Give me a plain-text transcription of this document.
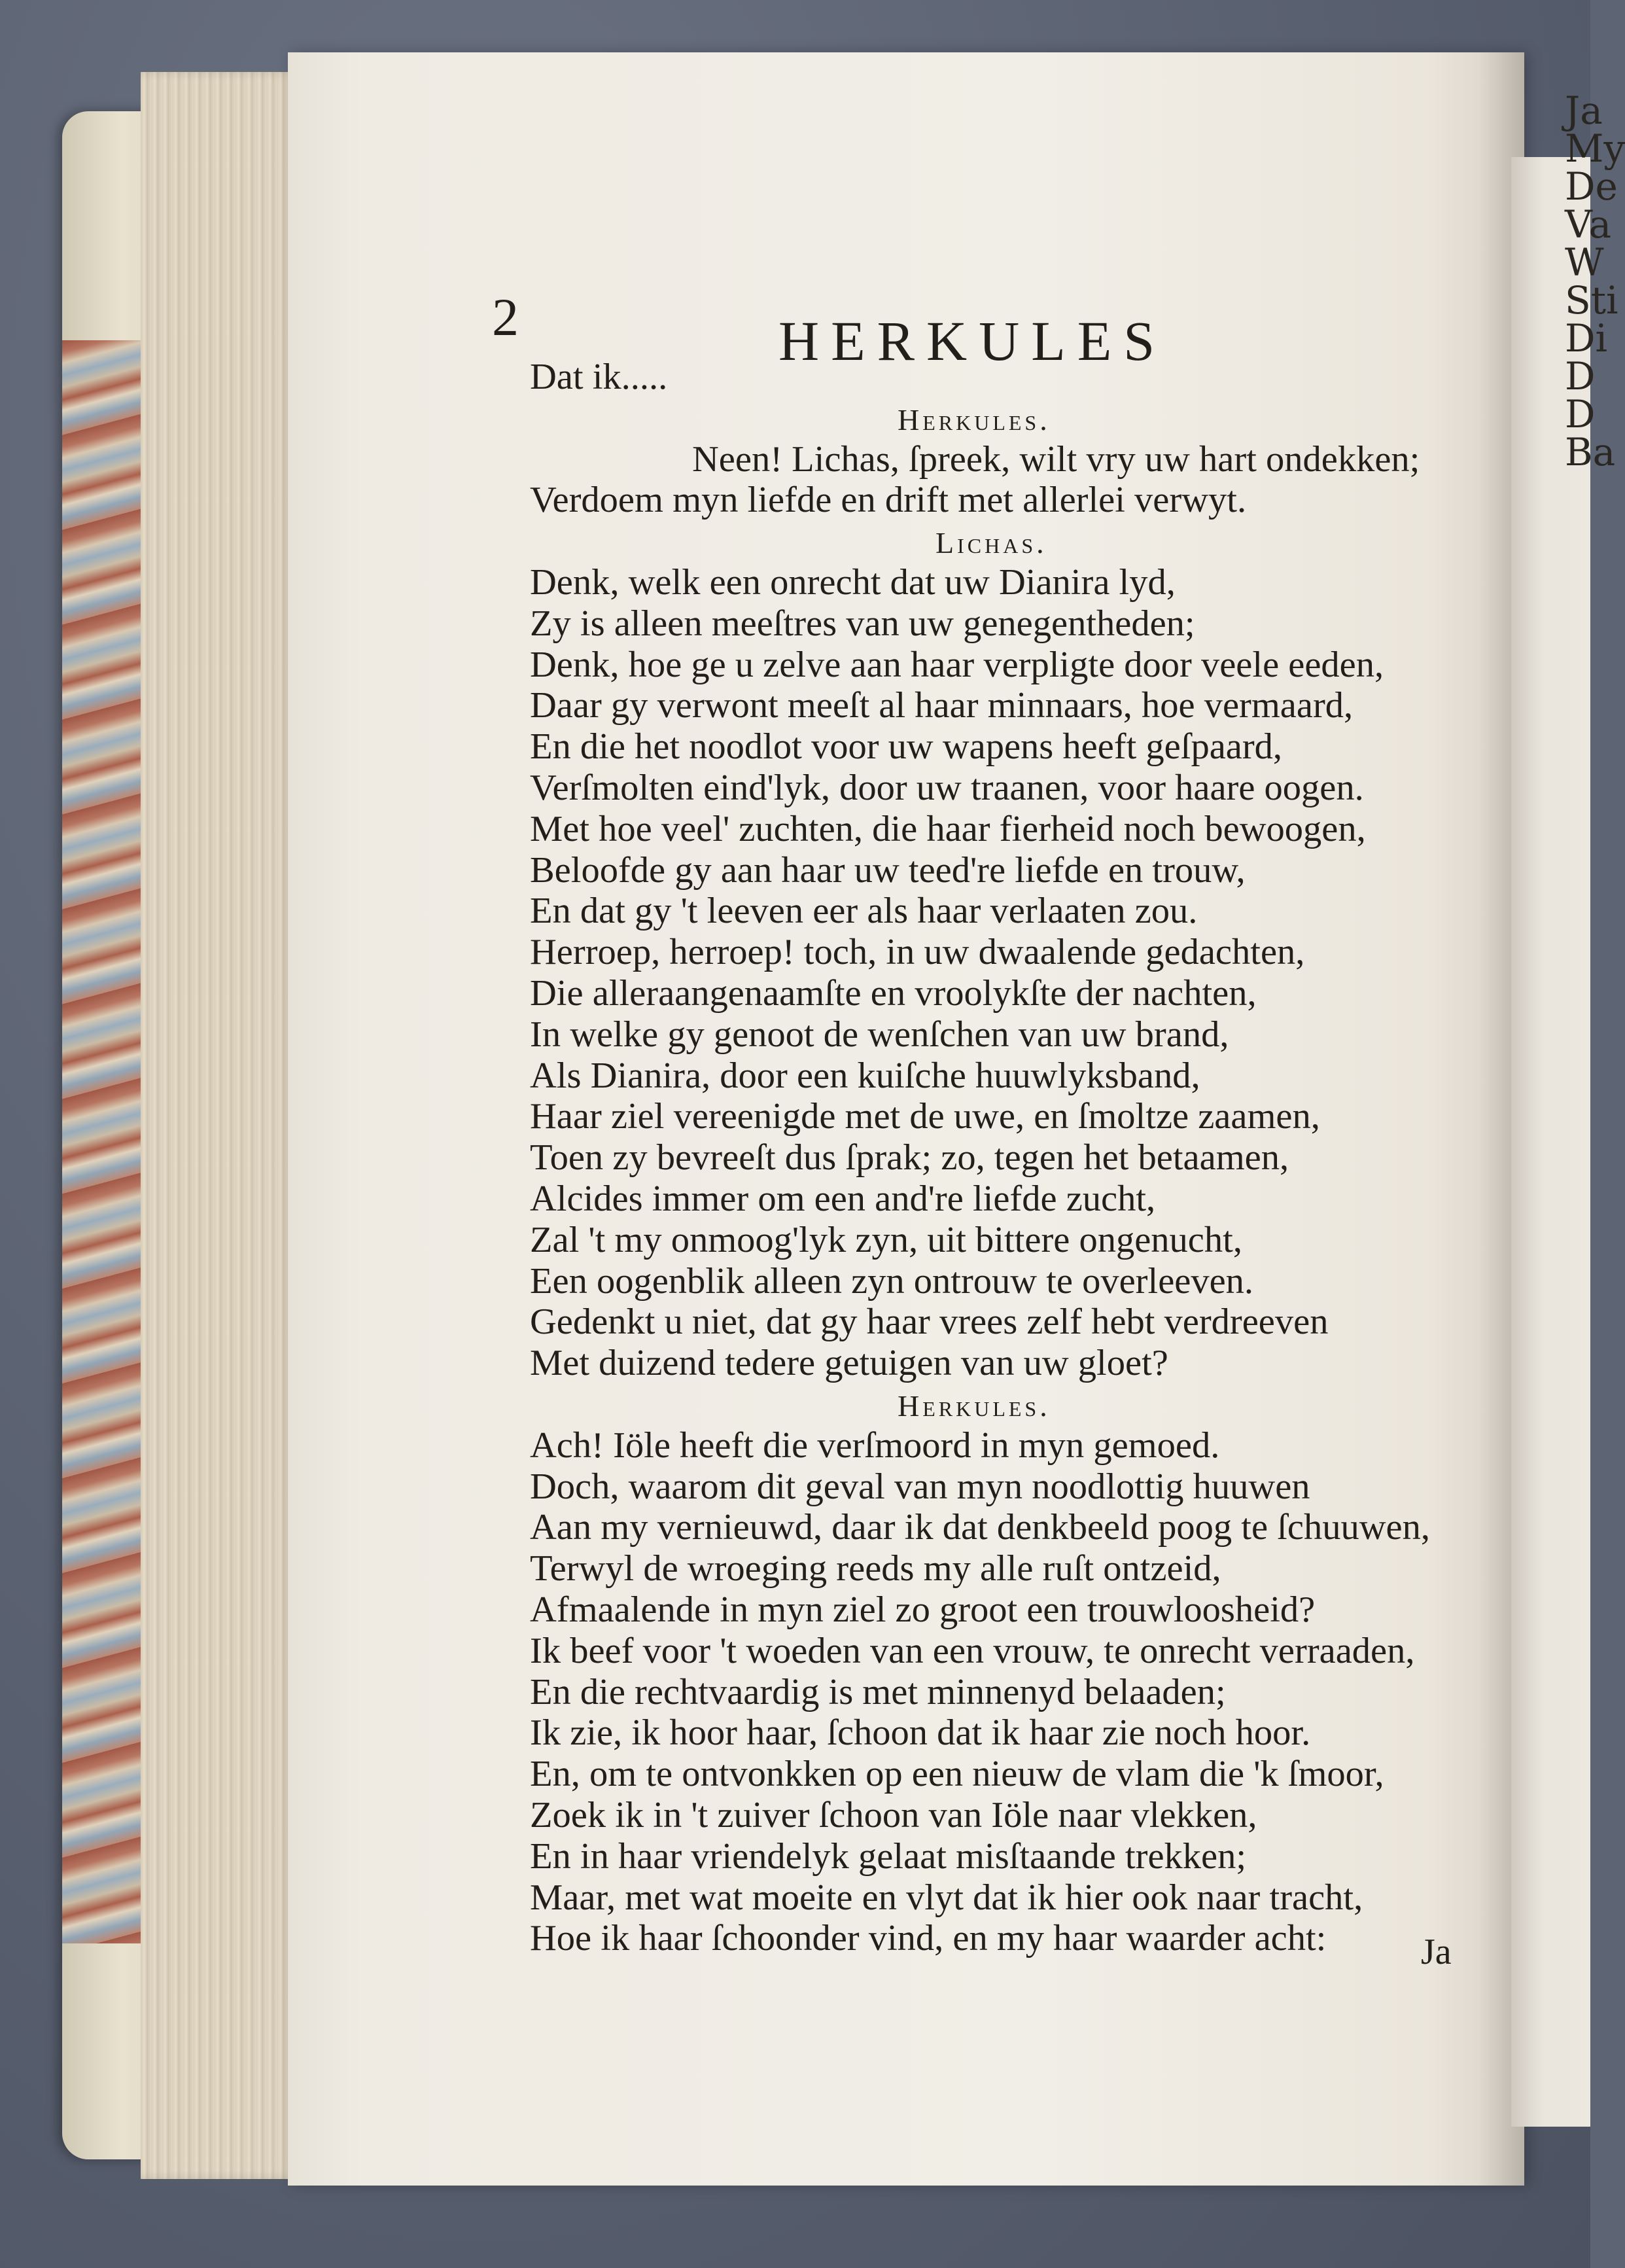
Ja
My
De
Va
W
Sti
Di
D
D
Ba
2	HERKULES
Dat ik.....
Herkules.
Neen! Lichas, ſpreek, wilt vry uw hart ondekken;
Verdoem myn liefde en drift met allerlei verwyt.
Lichas.
Denk, welk een onrecht dat uw Dianira lyd,
Zy is alleen meeſtres van uw genegentheden;
Denk, hoe ge u zelve aan haar verpligte door veele eeden,
Daar gy verwont meeſt al haar minnaars, hoe vermaard,
En die het noodlot voor uw wapens heeft geſpaard,
Verſmolten eind'lyk, door uw traanen, voor haare oogen.
Met hoe veel' zuchten, die haar fierheid noch bewoogen,
Beloofde gy aan haar uw teed're liefde en trouw,
En dat gy 't leeven eer als haar verlaaten zou.
Herroep, herroep! toch, in uw dwaalende gedachten,
Die alleraangenaamſte en vroolykſte der nachten,
In welke gy genoot de wenſchen van uw brand,
Als Dianira, door een kuiſche huuwlyksband,
Haar ziel vereenigde met de uwe, en ſmoltze zaamen,
Toen zy bevreeſt dus ſprak; zo, tegen het betaamen,
Alcides immer om een and're liefde zucht,
Zal 't my onmoog'lyk zyn, uit bittere ongenucht,
Een oogenblik alleen zyn ontrouw te overleeven.
Gedenkt u niet, dat gy haar vrees zelf hebt verdreeven
Met duizend tedere getuigen van uw gloet?
Herkules.
Ach! Iöle heeft die verſmoord in myn gemoed.
Doch, waarom dit geval van myn noodlottig huuwen
Aan my vernieuwd, daar ik dat denkbeeld poog te ſchuuwen,
Terwyl de wroeging reeds my alle ruſt ontzeid,
Afmaalende in myn ziel zo groot een trouwloosheid?
Ik beef voor 't woeden van een vrouw, te onrecht verraaden,
En die rechtvaardig is met minnenyd belaaden;
Ik zie, ik hoor haar, ſchoon dat ik haar zie noch hoor.
En, om te ontvonkken op een nieuw de vlam die 'k ſmoor,
Zoek ik in 't zuiver ſchoon van Iöle naar vlekken,
En in haar vriendelyk gelaat misſtaande trekken;
Maar, met wat moeite en vlyt dat ik hier ook naar tracht,
Hoe ik haar ſchoonder vind, en my haar waarder acht:	Ja
